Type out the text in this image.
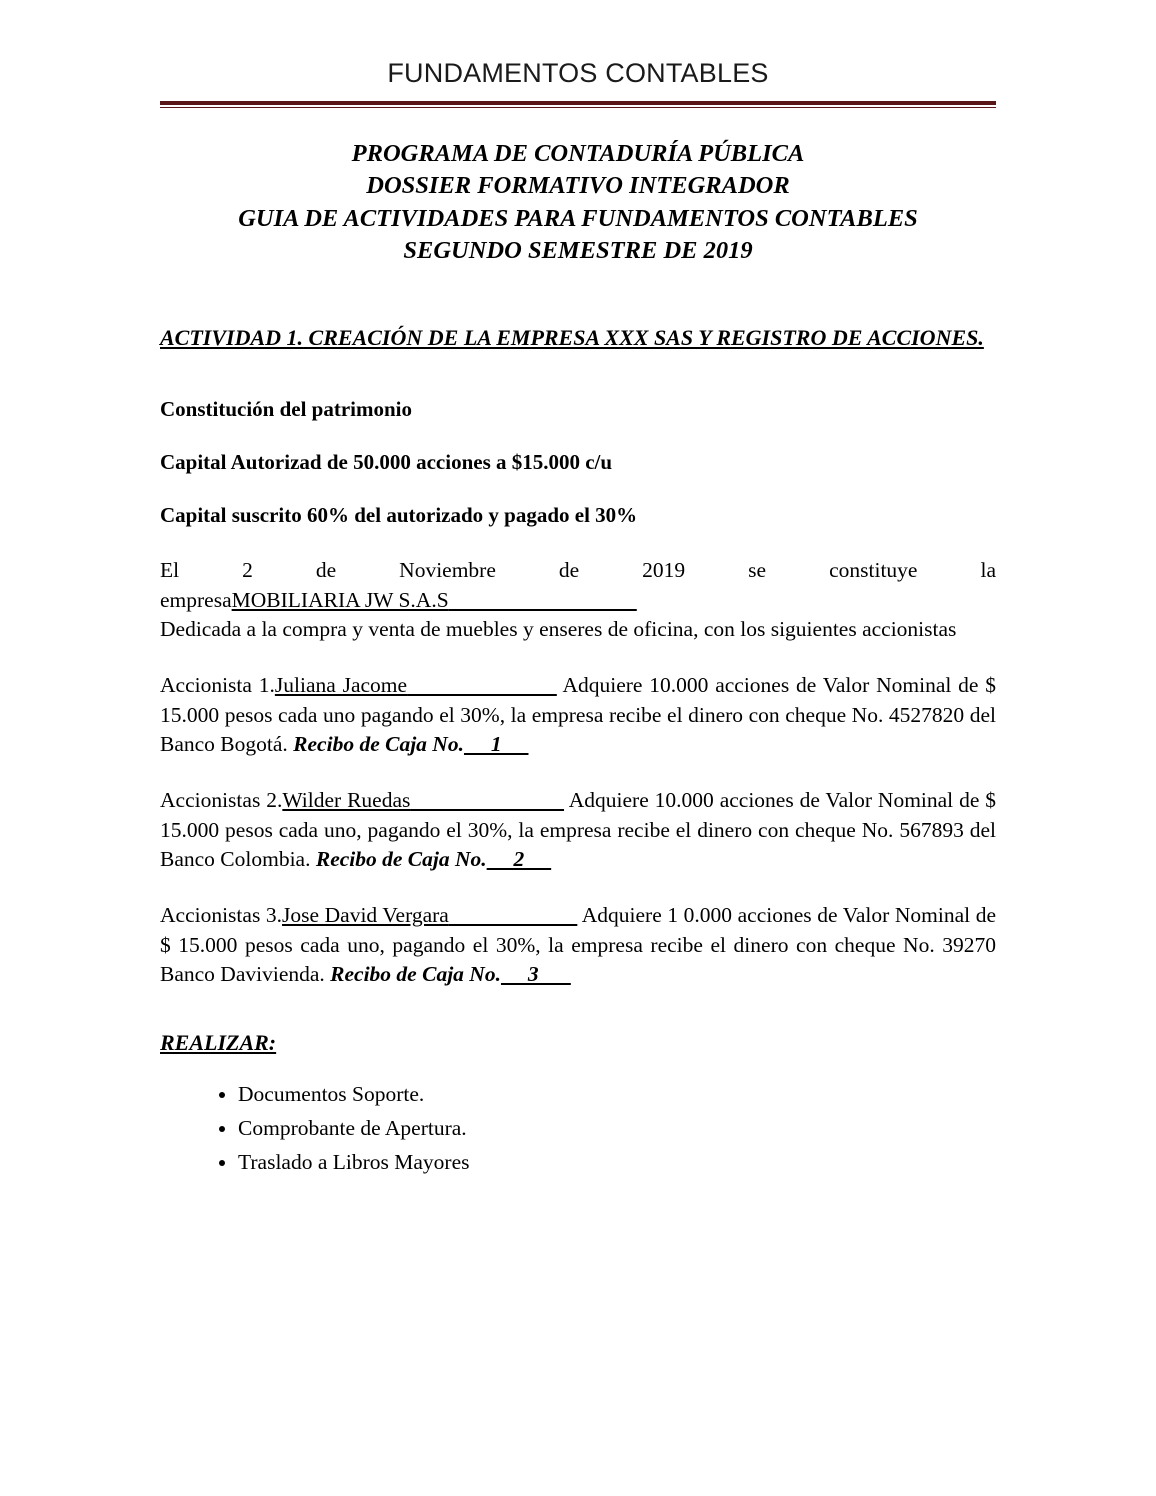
FUNDAMENTOS CONTABLES
PROGRAMA DE CONTADURÍA PÚBLICA
DOSSIER FORMATIVO INTEGRADOR
GUIA DE ACTIVIDADES PARA FUNDAMENTOS CONTABLES
SEGUNDO SEMESTRE DE 2019
ACTIVIDAD 1. CREACIÓN DE LA EMPRESA XXX SAS Y REGISTRO DE ACCIONES.
Constitución del patrimonio
Capital Autorizad de 50.000 acciones a $15.000 c/u
Capital suscrito 60% del autorizado y pagado el 30%

El 2 de Noviembre de 2019 se constituye la empresaMOBILIARIA JW S.A.S

Dedicada a la compra y venta de muebles y enseres de oficina, con los siguientes accionistas

Accionista 1.Juliana Jacome	Adquiere 10.000 acciones de Valor Nominal de $ 15.000 pesos cada uno pagando el 30%, la empresa recibe el dinero con cheque No. 4527820 del Banco Bogotá. Recibo de Caja No.     1

Accionistas 2.Wilder Ruedas	Adquiere 10.000 acciones de Valor Nominal de $ 15.000 pesos cada uno, pagando el 30%, la empresa recibe el dinero con cheque No. 567893 del Banco Colombia. Recibo de Caja No.     2

Accionistas 3.Jose David Vergara	Adquiere 1 0.000 acciones de Valor Nominal de $ 15.000 pesos cada uno, pagando el 30%, la empresa recibe el dinero con cheque No. 39270 Banco Davivienda. Recibo de Caja No.     3

REALIZAR:
• Documentos Soporte.
• Comprobante de Apertura.
• Traslado a Libros Mayores
